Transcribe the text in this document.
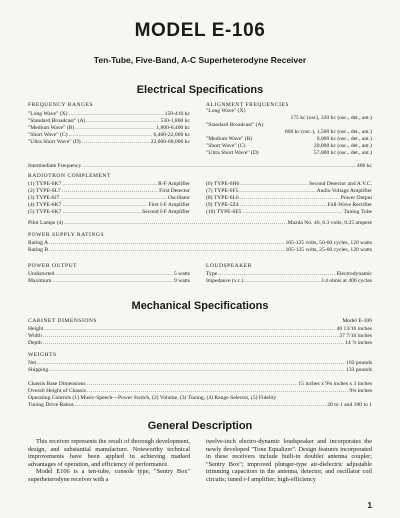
MODEL E-106
Ten-Tube, Five-Band, A-C Superheterodyne Receiver
Electrical Specifications
FREQUENCY RANGES
"Long Wave" (X) .....	150-410 kc
"Standard Broadcast" (A) .....	530-1,800 kc
"Medium Wave" (B) .....	1,800-6,400 kc
"Short Wave" (C) .....	6,400-22,000 kc
"Ultra Short Wave" (D) .....	22,000-60,000 kc
ALIGNMENT FREQUENCIES
"Long Wave" (X)
175 kc (osc), 330 kc (osc., det., ant.)
"Standard Broadcast" (A)
600 kc (osc.), 1,500 kc (osc., det., ant.)
"Medium Wave" (B)	6,000 kc (osc., det., ant.)
"Short Wave" (C)	20,000 kc (osc., det., ant.)
"Ultra Short Wave" (D)	57,000 kc (osc., det., ant.)
Intermediate Frequency .....	460 kc
RADIOTRON COMPLEMENT
(1) TYPE-6K7 .....	R-F Amplifier
(2) TYPE-6L7 .....	First Detector
(3) TYPE-6J7 .....	Oscillator
(4) TYPE-6K7 .....	First I-F Amplifier
(5) TYPE-6K7 .....	Second I-F Amplifier
(6) TYPE-6H6 .....	Second Detector and A.V.C.
(7) TYPE-6F5 .....	Audio Voltage Amplifier
(8) TYPE-6L6 .....	Power Output
(9) TYPE-5Z4 .....	Full-Wave Rectifier
(10) TYPE-6E5 .....	Tuning Tube
Pilot Lamps (4) .....	Mazda No. 46, 6.3 volts, 0.25 ampere
POWER SUPPLY RATINGS
Rating A .....	105-125 volts, 50-60 cycles, 120 watts
Rating B .....	105-125 volts, 25-60 cycles, 120 watts
POWER OUTPUT
Undistorted .....	5 watts
Maximum .....	9 watts
LOUDSPEAKER
Type .....	Electrodynamic
Impedance (v.c.) .....	3.4 ohms at 400 cycles
Mechanical Specifications
CABINET DIMENSIONS	Model E-106
Height .....	40 13/16 inches
Width .....	27 7/16 inches
Depth .....	14 ⅞ inches
WEIGHTS
Net .....	103 pounds
Shipping .....	133 pounds
Chassis Base Dimensions .....	15 inches x 9¾ inches x 3 inches
Overall Height of Chassis .....	9¾ inches
Operating Controls (1) Music-Speech—Power Switch, (2) Volume, (3) Tuning, (4) Range Selector, (5) Fidelity
Tuning Drive Ratios .....	20 to 1 and 100 to 1
General Description

This receiver represents the result of thorough development, design, and substantial manufacture. Noteworthy technical improvements have been applied in achieving marked advantages of operation, and efficiency of performance.

Model E106 is a ten-tube, console type, "Sentry Box" superheterodyne receiver with a

twelve-inch electro-dynamic loudspeaker and incorporates the newly developed "Tone Equalizer". Design features incorporated in these receivers include built-in doublet antenna coupler; "Sentry Box"; improved plunger-type air-dielectric adjustable trimming capacitors in the antenna, detector, and oscillator coil circuits; tuned r-f amplifier; high-efficiency

1
